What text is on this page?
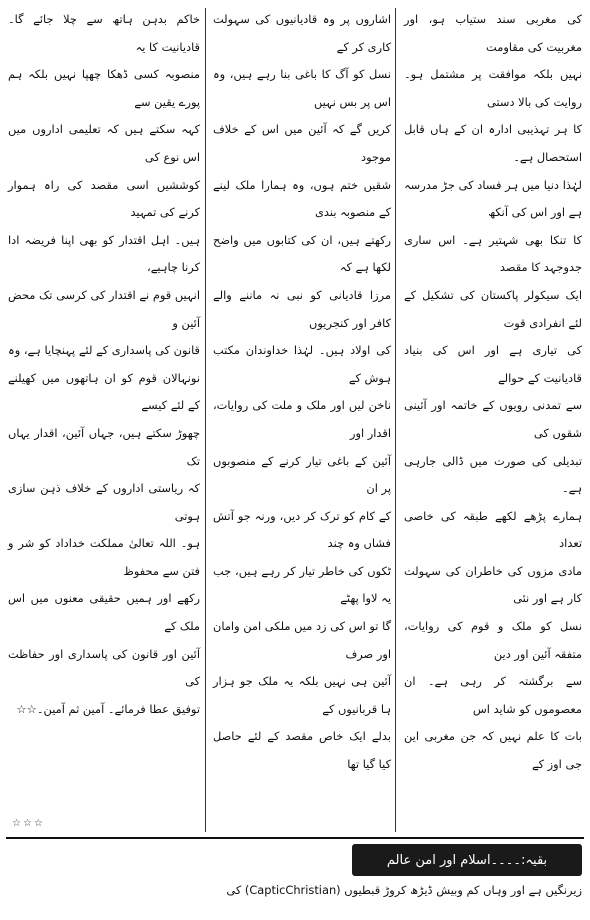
کی مغربی سند ستیاب ہو، اور مغربیت کی مقاومت

نہیں بلکہ موافقت پر مشتمل ہو۔ روایت کی بالا دستی

کا ہر تہذیبی ادارہ ان کے ہاں قابل استحصال ہے۔

لہٰذا دنیا میں ہر فساد کی جڑ مدرسہ ہے اور اس کی آنکھ

کا تنکا بھی شہتیر ہے۔ اس ساری جدوجہد کا مقصد

ایک سیکولر پاکستان کی تشکیل کے لئے انفرادی قوت

کی تیاری ہے اور اس کی بنیاد قادیانیت کے حوالے

سے تمدنی رویوں کے خاتمہ اور آئینی شقوں کی

تبدیلی کی صورت میں ڈالی جارہی ہے۔

ہمارے پڑھے لکھے طبقہ کی خاصی تعداد

مادی مزوں کی خاطران کی سہولت کار ہے اور نئی

نسل کو ملک و قوم کی روایات، متفقہ آئین اور دین

سے برگشتہ کر رہی ہے۔ ان معصوموں کو شاید اس

بات کا علم نہیں کہ جن مغربی این جی اوز کے

اشاروں پر وہ قادیانیوں کی سہولت کاری کر کے

نسل کو آگ کا باغی بنا رہے ہیں، وہ اس پر بس نہیں

کریں گے کہ آئین میں اس کے خلاف موجود

شقیں ختم ہوں، وہ ہمارا ملک لینے کے منصوبہ بندی

رکھتے ہیں، ان کی کتابوں میں واضح لکھا ہے کہ

مرزا قادیانی کو نبی نہ ماننے والے کافر اور کنجریوں

کی اولاد ہیں۔ لہٰذا خداوندان مکتب ہوش کے

ناخن لیں اور ملک و ملت کی روایات، اقدار اور

آئین کے باغی تیار کرنے کے منصوبوں پر ان

کے کام کو ترک کر دیں، ورنہ جو آتش فشاں وہ چند

ٹکوں کی خاطر تیار کر رہے ہیں، جب یہ لاوا پھٹے

گا تو اس کی زد میں ملکی امن وامان اور صرف

آئین ہی نہیں بلکہ یہ ملک جو ہزار ہا قربانیوں کے

بدلے ایک خاص مقصد کے لئے حاصل کیا گیا تھا

خاکم بدہن ہاتھ سے چلا جائے گا۔ قادیانیت کا یہ

منصوبہ کسی ڈھکا چھپا نہیں بلکہ ہم پورے یقین سے

کہہ سکتے ہیں کہ تعلیمی اداروں میں اس نوع کی

کوششیں اسی مقصد کی راہ ہموار کرنے کی تمہید

ہیں۔ اہل اقتدار کو بھی اپنا فریضہ ادا کرنا چاہیے،

انہیں قوم نے اقتدار کی کرسی تک محض آئین و

قانون کی پاسداری کے لئے پہنچایا ہے، وہ

نونہالان قوم کو ان ہاتھوں میں کھیلنے کے لئے کیسے

چھوڑ سکتے ہیں، جہاں آئین، اقدار یہاں تک

کہ ریاستی اداروں کے خلاف ذہن سازی ہوتی

ہو۔ اللہ تعالیٰ مملکت خداداد کو شر و فتن سے محفوظ

رکھے اور ہمیں حقیقی معنوں میں اس ملک کے

آئین اور قانون کی پاسداری اور حفاظت کی

توفیق عطا فرمائے۔ آمین ثم آمین۔☆☆

☆☆☆
بقیہ:۔۔۔۔اسلام اور امن عالم
زیرنگیں ہے اور وہاں کم وبیش ڈیڑھ کروڑ قبطیوں (CapticChristian) کی
